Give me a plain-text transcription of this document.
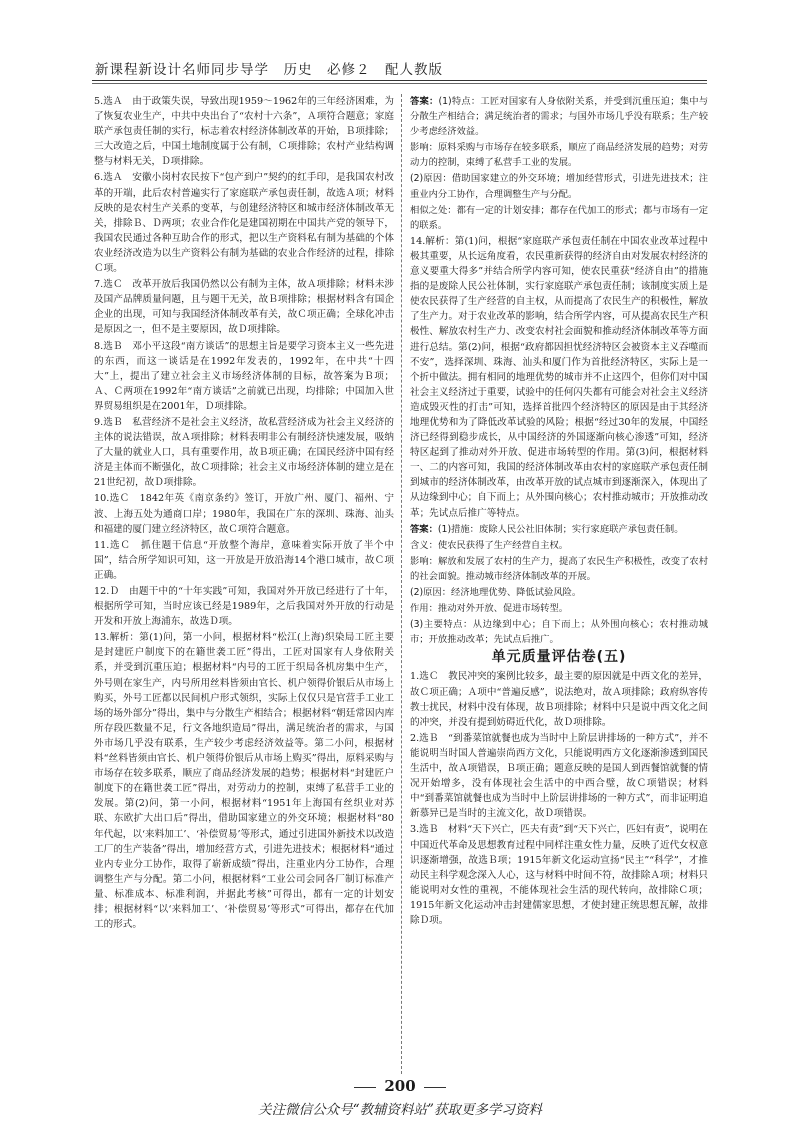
新课程新设计名师同步导学　历史　必修２　配人教版

5.选Ａ　由于政策失误，导致出现1959～1962年的三年经济困难，为了恢复农业生产，中共中央出台了“农村十六条”，Ａ项符合题意；家庭联产承包责任制的实行，标志着农村经济体制改革的开始，Ｂ项排除；三大改造之后，中国土地制度属于公有制，Ｃ项排除；农村产业结构调整与材料无关，Ｄ项排除。

6.选Ａ　安徽小岗村农民按下“包产到户”契约的红手印，是我国农村改革的开端，此后农村普遍实行了家庭联产承包责任制，故选Ａ项；材料反映的是农村生产关系的变革，与创建经济特区和城市经济体制改革无关，排除Ｂ、Ｄ两项；农业合作化是建国初期在中国共产党的领导下，我国农民通过各种互助合作的形式，把以生产资料私有制为基础的个体农业经济改造为以生产资料公有制为基础的农业合作经济的过程，排除Ｃ项。

7.选Ｃ　改革开放后我国仍然以公有制为主体，故Ａ项排除；材料未涉及国产品牌质量问题，且与题干无关，故Ｂ项排除；根据材料含有国企企业的出现，可知与我国经济体制改革有关，故Ｃ项正确；全球化冲击是原因之一，但不是主要原因，故Ｄ项排除。

8.选Ｂ　邓小平这段“南方谈话”的思想主旨是要学习资本主义一些先进的东西，而这一谈话是在1992年发表的，1992年，在中共“十四大”上，提出了建立社会主义市场经济体制的目标，故答案为Ｂ项；Ａ、Ｃ两项在1992年“南方谈话”之前就已出现，均排除；中国加入世界贸易组织是在2001年，Ｄ项排除。

9.选Ｂ　私营经济不是社会主义经济，故私营经济成为社会主义经济的主体的说法错误，故Ａ项排除；材料表明非公有制经济快速发展，吸纳了大量的就业人口，具有重要作用，故Ｂ项正确；在国民经济中国有经济是主体而不断强化，故Ｃ项排除；社会主义市场经济体制的建立是在21世纪初，故Ｄ项排除。

10.选Ｃ　1842年英《南京条约》签订，开放广州、厦门、福州、宁波、上海五处为通商口岸；1980年，我国在广东的深圳、珠海、汕头和福建的厦门建立经济特区，故Ｃ项符合题意。

11.选Ｃ　抓住题干信息“开放整个海岸，意味着实际开放了半个中国”，结合所学知识可知，这一开放是开放沿海14个港口城市，故Ｃ项正确。

12.Ｄ　由题干中的“十年实践”可知，我国对外开放已经进行了十年，根据所学可知，当时应该已经是1989年，之后我国对外开放的行动是开发和开放上海浦东，故选Ｄ项。

13.解析：第(1)问，第一小问，根据材料“松江(上海)织染局工匠主要是封建匠户制度下的在籍世袭工匠”得出，工匠对国家有人身依附关系，并受到沉重压迫；根据材料“内号的工匠于织局各机房集中生产，外号则在家生产，内号所用丝料皆须由官长、机户领得价银后从市场上购买，外号工匠都以民间机户形式领织，实际上仅仅只是官营手工业工场的场外部分”得出，集中与分散生产相结合；根据材料“朝廷常因内库所存段匹数量不足，行文各地织造局”得出，满足统治者的需求，与国外市场几乎没有联系，生产较少考虑经济效益等。第二小问，根据材料“丝料皆须由官长、机户领得价银后从市场上购买”得出，原料采购与市场存在较多联系，顺应了商品经济发展的趋势；根据材料“封建匠户制度下的在籍世袭工匠”得出，对劳动力的控制，束缚了私营手工业的发展。第(2)问，第一小问，根据材料“1951年上海国有丝织业对苏联、东欧扩大出口后”得出，借助国家建立的外交环境；根据材料“80年代起，以‘来料加工’、‘补偿贸易’等形式，通过引进国外新技术以改造工厂的生产装备”得出，增加经营方式，引进先进技术；根据材料“通过业内专业分工协作，取得了崭新成绩”得出，注重业内分工协作，合理调整生产与分配。第二小问，根据材料“工业公司会同各厂制订标准产量、标准成本、标准利润，并据此考核”可得出，都有一定的计划安排；根据材料“以‘来料加工’、‘补偿贸易’等形式”可得出，都存在代加工的形式。

答案：(1)特点：工匠对国家有人身依附关系，并受到沉重压迫；集中与分散生产相结合；满足统治者的需求；与国外市场几乎没有联系；生产较少考虑经济效益。

影响：原料采购与市场存在较多联系，顺应了商品经济发展的趋势；对劳动力的控制，束缚了私营手工业的发展。

(2)原因：借助国家建立的外交环境；增加经营形式，引进先进技术；注重业内分工协作，合理调整生产与分配。

相似之处：都有一定的计划安排；都存在代加工的形式；都与市场有一定的联系。

14.解析：第(1)问，根据“家庭联产承包责任制在中国农业改革过程中极其重要，从长远角度看，农民重新获得的经济自由对发展农村经济的意义要重大得多”并结合所学内容可知，使农民重获“经济自由”的措施指的是废除人民公社体制，实行家庭联产承包责任制；该制度实质上是使农民获得了生产经营的自主权，从而提高了农民生产的积极性，解放了生产力。对于农业改革的影响，结合所学内容，可从提高农民生产积极性、解放农村生产力、改变农村社会面貌和推动经济体制改革等方面进行总结。第(2)问，根据“政府都因担忧经济特区会被资本主义吞噬而不安”，选择深圳、珠海、汕头和厦门作为首批经济特区，实际上是一个折中做法。拥有相同的地理优势的城市并不止这四个，但你们对中国社会主义经济过于重要，试验中的任何闪失都有可能会对社会主义经济造成毁灭性的打击”可知，选择首批四个经济特区的原因是由于其经济地理优势和为了降低改革试验的风险；根据“经过30年的发展，中国经济已经得到稳步成长，从中国经济的外国逐渐向核心渗透”可知，经济特区起到了推动对外开放、促进市场转型的作用。第(3)问，根据材料一、二的内容可知，我国的经济体制改革由农村的家庭联产承包责任制到城市的经济体制改革，由改革开放的试点城市到逐渐深入，体现出了从边缘到中心；自下而上；从外围向核心；农村推动城市；开放推动改革；先试点后推广等特点。

答案：(1)措施：废除人民公社旧体制；实行家庭联产承包责任制。

含义：使农民获得了生产经营自主权。

影响：解放和发展了农村的生产力，提高了农民生产积极性，改变了农村的社会面貌。推动城市经济体制改革的开展。

(2)原因：经济地理优势、降低试验风险。

作用：推动对外开放、促进市场转型。

(3)主要特点：从边缘到中心；自下而上；从外围向核心；农村推动城市；开放推动改革；先试点后推广。

单元质量评估卷(五)

1.选Ｃ　教民冲突的案例比较多，最主要的原因就是中西文化的差异，故Ｃ项正确；Ａ项中“普遍反感”，说法绝对，故Ａ项排除；政府纵容传教士扰民，材料中没有体现，故Ｂ项排除；材料中只是说中西文化之间的冲突，并没有提到妨碍近代化，故Ｄ项排除。

2.选Ｂ　“到番菜馆就餐也成为当时中上阶层讲排场的一种方式”，并不能说明当时国人普遍崇尚西方文化，只能说明西方文化逐渐渗透到国民生活中，故Ａ项错误，Ｂ项正确；题意反映的是国人到西餐馆就餐的情况开始增多，没有体现社会生活中的中西合璧，故Ｃ项错误；材料中“到番菜馆就餐也成为当时中上阶层讲排场的一种方式”，而非证明追新慕异已是当时的主流文化，故Ｄ项错误。

3.选Ｂ　材料“天下兴亡，匹夫有责”到“天下兴亡，匹妇有责”，说明在中国近代革命及思想教育过程中同样注重女性力量，反映了近代女权意识逐渐增强，故选Ｂ项；1915年新文化运动宣扬“民主”“科学”，才推动民主科学观念深入人心，这与材料中时间不符，故排除Ａ项；材料只能说明对女性的重视，不能体现社会生活的现代转向，故排除Ｃ项；1915年新文化运动冲击封建儒家思想，才使封建正统思想瓦解，故排除Ｄ项。

200
关注微信公众号“教辅资料站”获取更多学习资料
